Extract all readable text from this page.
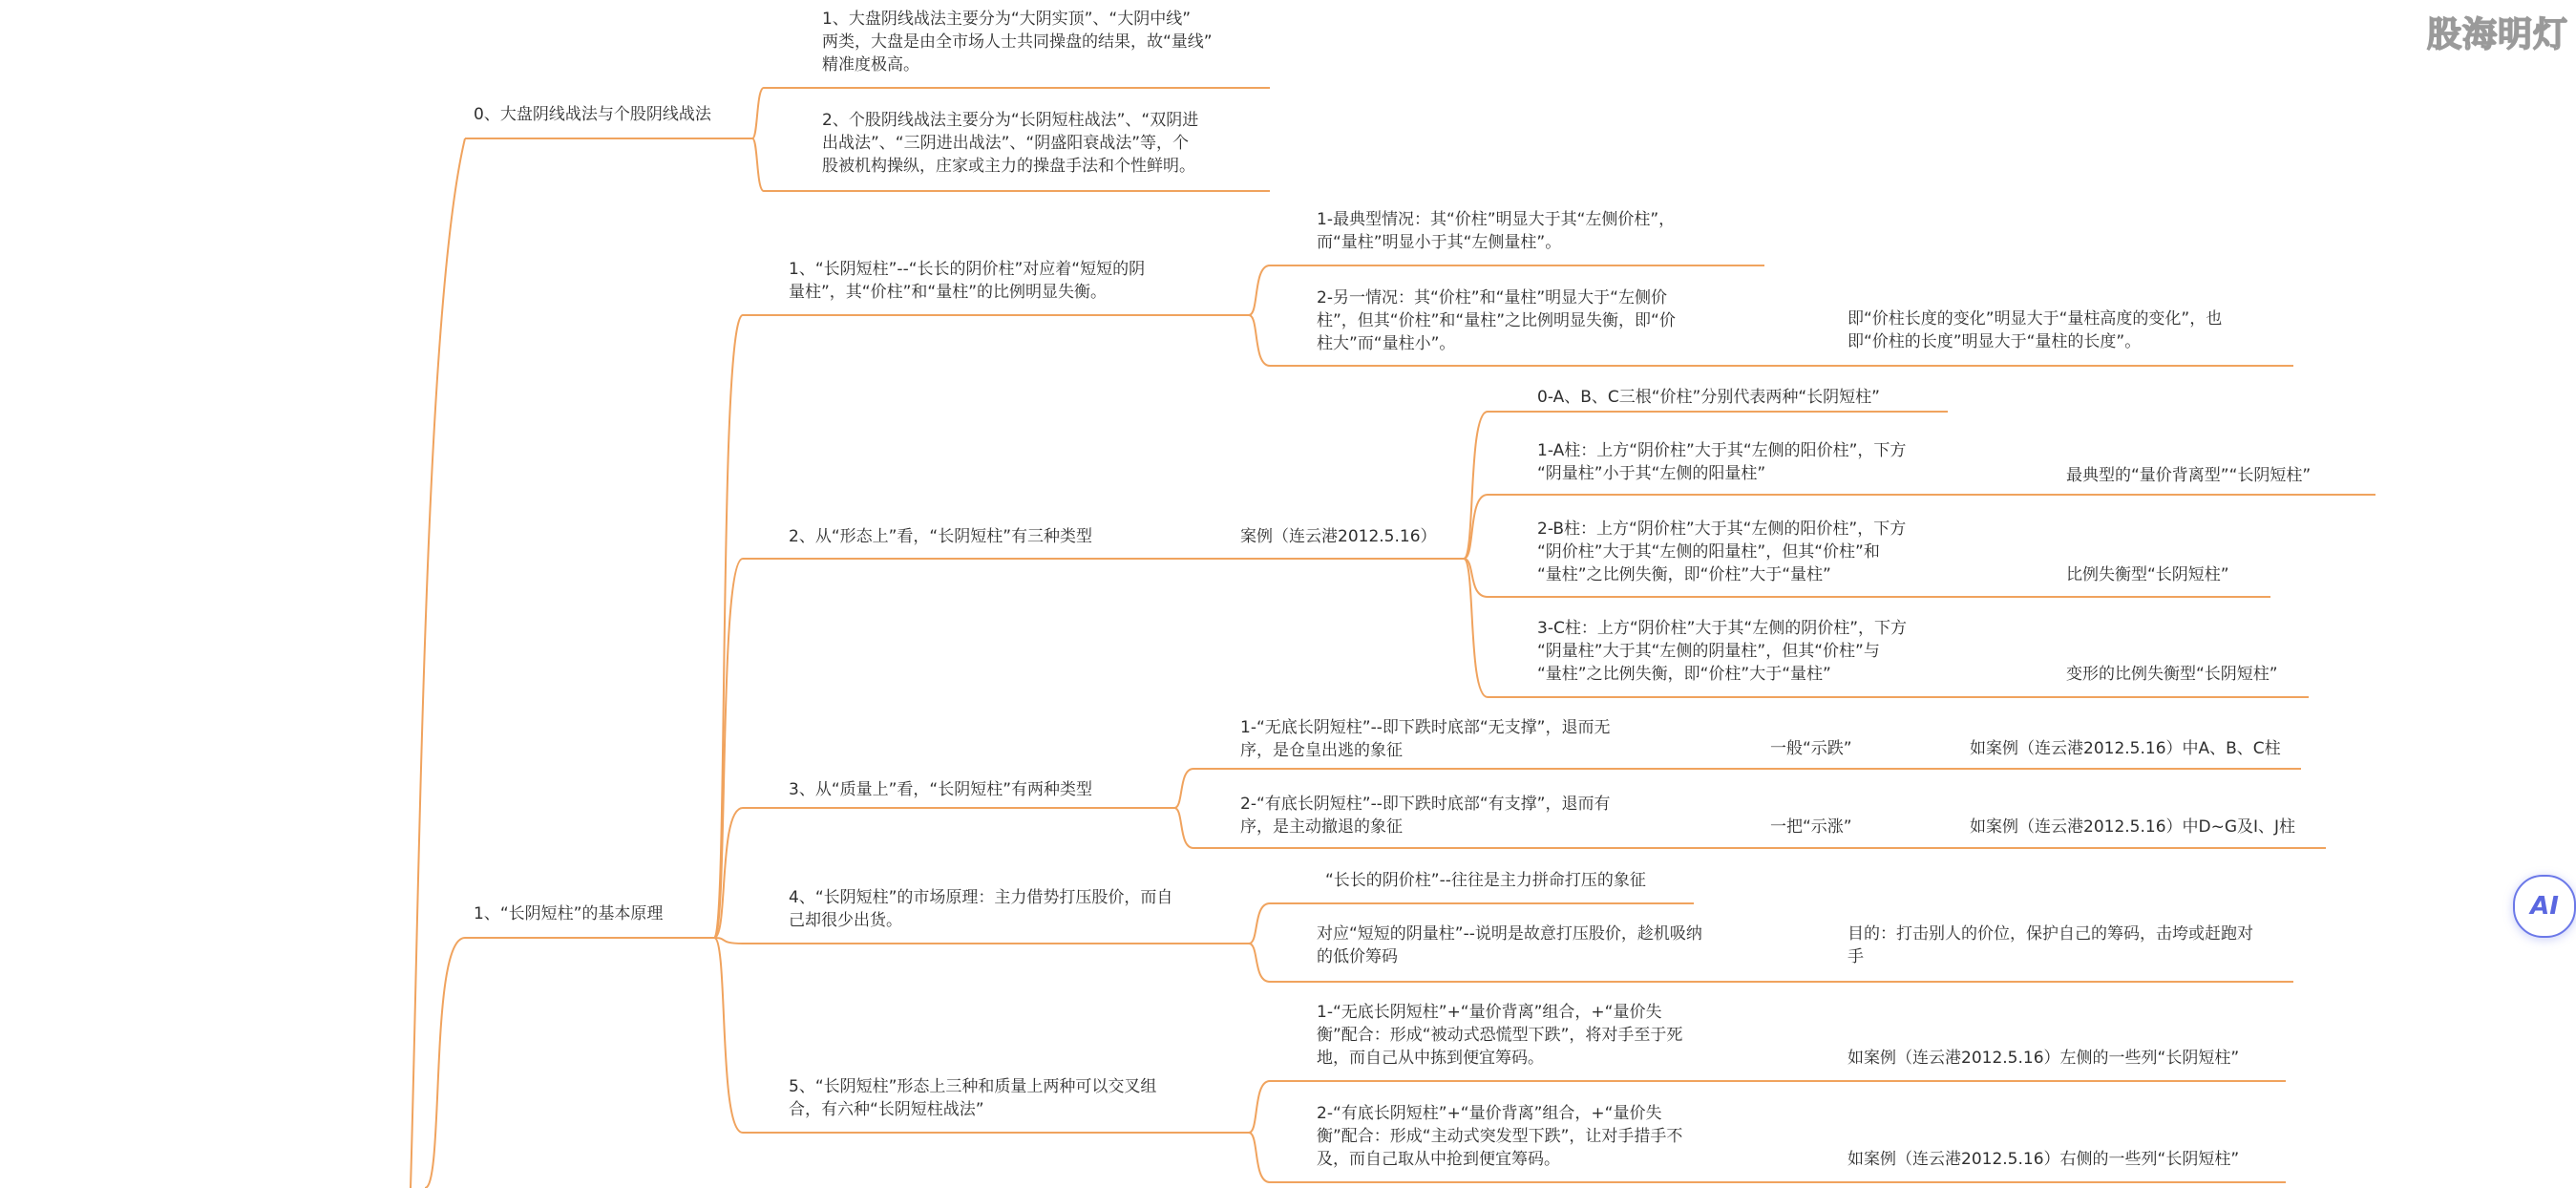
股海明灯
0、大盘阴线战法与个股阴线战法
1、大盘阴线战法主要分为“大阴实顶”、“大阴中线”
两类，大盘是由全市场人士共同操盘的结果，故“量线”
精准度极高。
2、个股阴线战法主要分为“长阴短柱战法”、“双阴进
出战法”、“三阴进出战法”、“阴盛阳衰战法”等，个
股被机构操纵，庄家或主力的操盘手法和个性鲜明。
1、“长阴短柱”的基本原理
1、“长阴短柱”--“长长的阴价柱”对应着“短短的阴
量柱”，其“价柱”和“量柱”的比例明显失衡。
1-最典型情况：其“价柱”明显大于其“左侧价柱”，
而“量柱”明显小于其“左侧量柱”。
2-另一情况：其“价柱”和“量柱”明显大于“左侧价
柱”，但其“价柱”和“量柱”之比例明显失衡，即“价
柱大”而“量柱小”。
即“价柱长度的变化”明显大于“量柱高度的变化”，也
即“价柱的长度”明显大于“量柱的长度”。
2、从“形态上”看，“长阴短柱”有三种类型	案例（连云港2012.5.16）
0-A、B、C三根“价柱”分别代表两种“长阴短柱”
1-A柱：上方“阴价柱”大于其“左侧的阳价柱”，下方
“阴量柱”小于其“左侧的阳量柱”	最典型的“量价背离型”“长阴短柱”
2-B柱：上方“阴价柱”大于其“左侧的阳价柱”，下方
“阴价柱”大于其“左侧的阳量柱”，但其“价柱”和
“量柱”之比例失衡，即“价柱”大于“量柱”	比例失衡型“长阴短柱”
3-C柱：上方“阴价柱”大于其“左侧的阴价柱”，下方
“阴量柱”大于其“左侧的阴量柱”，但其“价柱”与
“量柱”之比例失衡，即“价柱”大于“量柱”	变形的比例失衡型“长阴短柱”
3、从“质量上”看，“长阴短柱”有两种类型
1-“无底长阴短柱”--即下跌时底部“无支撑”，退而无
序，是仓皇出逃的象征	一般“示跌”	如案例（连云港2012.5.16）中A、B、C柱
2-“有底长阴短柱”--即下跌时底部“有支撑”，退而有
序，是主动撤退的象征	一把“示涨”	如案例（连云港2012.5.16）中D~G及I、J柱
4、“长阴短柱”的市场原理：主力借势打压股价，而自
己却很少出货。
“长长的阴价柱”--往往是主力拼命打压的象征
对应“短短的阴量柱”--说明是故意打压股价，趁机吸纳
的低价筹码
目的：打击别人的价位，保护自己的筹码，击垮或赶跑对
手
5、“长阴短柱”形态上三种和质量上两种可以交叉组
合，有六种“长阴短柱战法”
1-“无底长阴短柱”+“量价背离”组合，+“量价失
衡”配合：形成“被动式恐慌型下跌”，将对手至于死
地，而自己从中拣到便宜筹码。	如案例（连云港2012.5.16）左侧的一些列“长阴短柱”
2-“有底长阴短柱”+“量价背离”组合，+“量价失
衡”配合：形成“主动式突发型下跌”，让对手措手不
及，而自己取从中抢到便宜筹码。	如案例（连云港2012.5.16）右侧的一些列“长阴短柱”
AI
